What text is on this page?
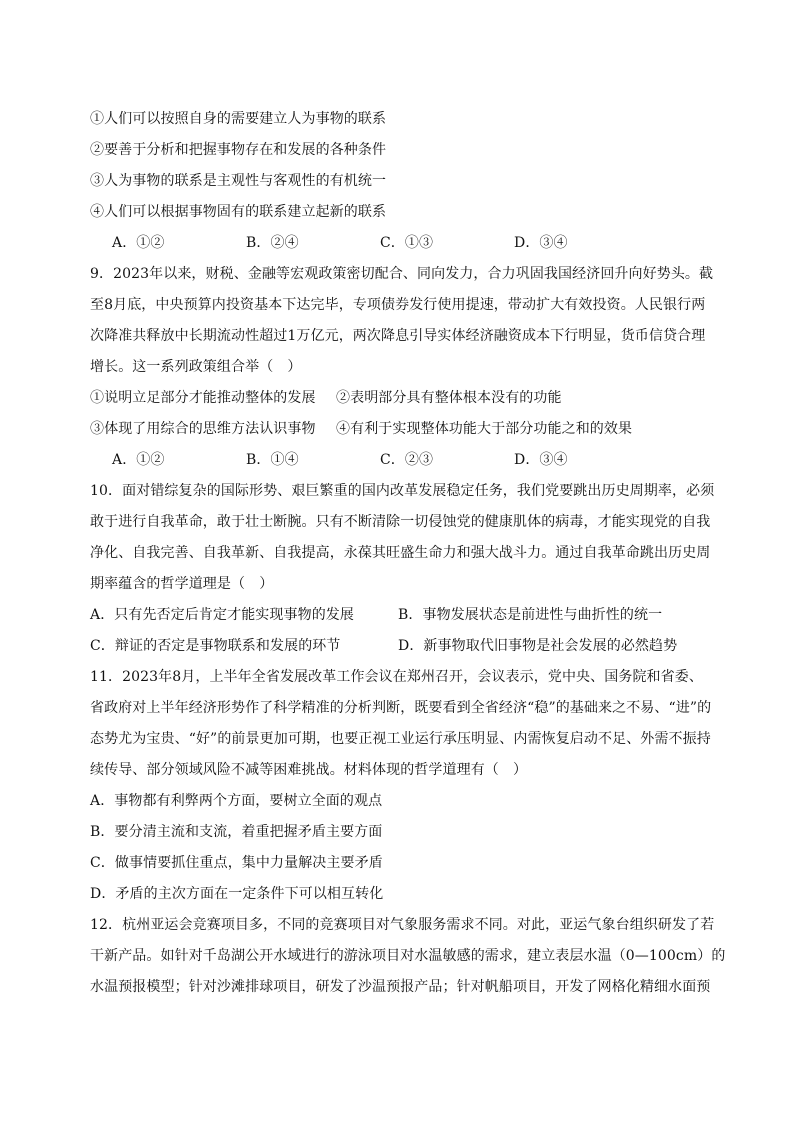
①人们可以按照自身的需要建立人为事物的联系
②要善于分析和把握事物存在和发展的各种条件
③人为事物的联系是主观性与客观性的有机统一
④人们可以根据事物固有的联系建立起新的联系
A．①②	B．②④	C．①③	D．③④
9．2023年以来，财税、金融等宏观政策密切配合、同向发力，合力巩固我国经济回升向好势头。截
至8月底，中央预算内投资基本下达完毕，专项债券发行使用提速，带动扩大有效投资。人民银行两
次降准共释放中长期流动性超过1万亿元，两次降息引导实体经济融资成本下行明显，货币信贷合理
增长。这一系列政策组合举（　）
①说明立足部分才能推动整体的发展	②表明部分具有整体根本没有的功能
③体现了用综合的思维方法认识事物	④有利于实现整体功能大于部分功能之和的效果
A．①②	B．①④	C．②③	D．③④
10．面对错综复杂的国际形势、艰巨繁重的国内改革发展稳定任务，我们党要跳出历史周期率，必须
敢于进行自我革命，敢于壮士断腕。只有不断清除一切侵蚀党的健康肌体的病毒，才能实现党的自我
净化、自我完善、自我革新、自我提高，永葆其旺盛生命力和强大战斗力。通过自我革命跳出历史周
期率蕴含的哲学道理是（　）
A．只有先否定后肯定才能实现事物的发展	B．事物发展状态是前进性与曲折性的统一
C．辩证的否定是事物联系和发展的环节	D．新事物取代旧事物是社会发展的必然趋势
11．2023年8月，上半年全省发展改革工作会议在郑州召开，会议表示，党中央、国务院和省委、
省政府对上半年经济形势作了科学精准的分析判断，既要看到全省经济“稳”的基础来之不易、“进”的
态势尤为宝贵、“好”的前景更加可期，也要正视工业运行承压明显、内需恢复启动不足、外需不振持
续传导、部分领域风险不减等困难挑战。材料体现的哲学道理有（　）
A．事物都有利弊两个方面，要树立全面的观点
B．要分清主流和支流，着重把握矛盾主要方面
C．做事情要抓住重点，集中力量解决主要矛盾
D．矛盾的主次方面在一定条件下可以相互转化
12．杭州亚运会竞赛项目多，不同的竞赛项目对气象服务需求不同。对此，亚运气象台组织研发了若
干新产品。如针对千岛湖公开水域进行的游泳项目对水温敏感的需求，建立表层水温（0—100cm）的
水温预报模型；针对沙滩排球项目，研发了沙温预报产品；针对帆船项目，开发了网格化精细水面预
